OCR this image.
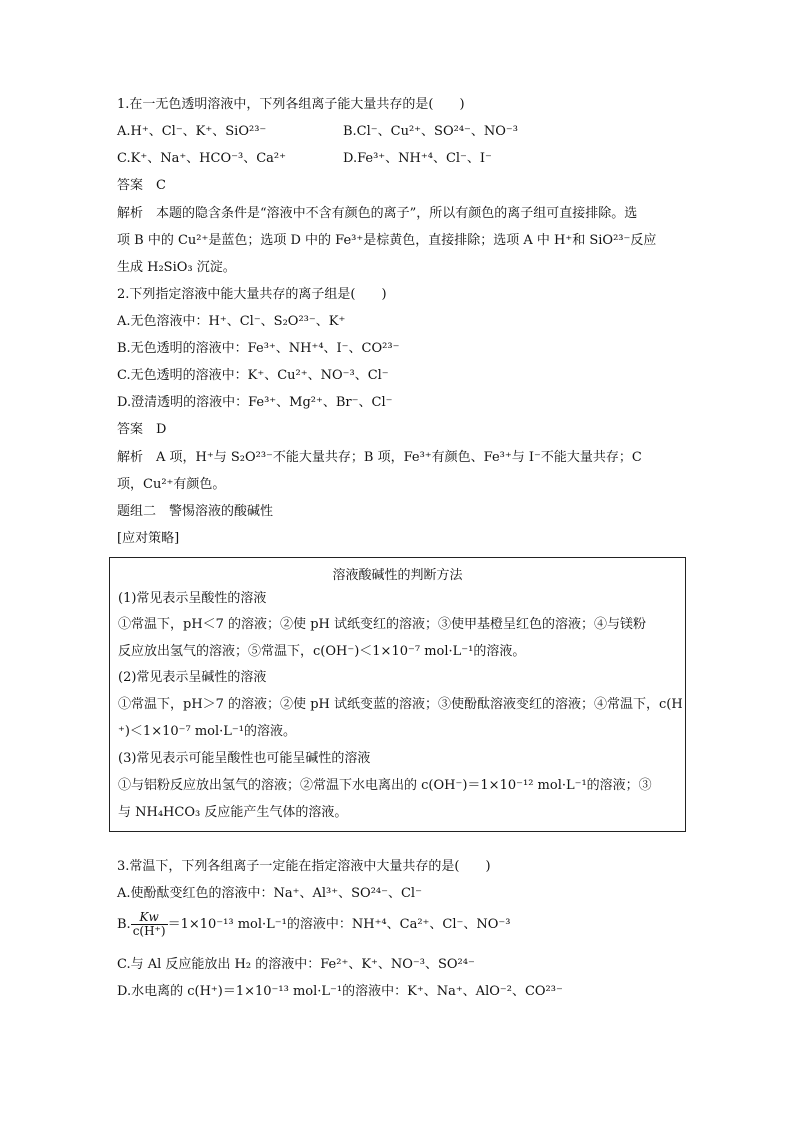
1.在一无色透明溶液中，下列各组离子能大量共存的是(　　)
A.H⁺、Cl⁻、K⁺、SiO²³⁻	B.Cl⁻、Cu²⁺、SO²⁴⁻、NO⁻³
C.K⁺、Na⁺、HCO⁻³、Ca²⁺	D.Fe³⁺、NH⁺⁴、Cl⁻、I⁻
答案　C
解析　本题的隐含条件是“溶液中不含有颜色的离子”，所以有颜色的离子组可直接排除。选
项 B 中的 Cu²⁺是蓝色；选项 D 中的 Fe³⁺是棕黄色，直接排除；选项 A 中 H⁺和 SiO²³⁻反应
生成 H₂SiO₃ 沉淀。
2.下列指定溶液中能大量共存的离子组是(　　)
A.无色溶液中：H⁺、Cl⁻、S₂O²³⁻、K⁺
B.无色透明的溶液中：Fe³⁺、NH⁺⁴、I⁻、CO²³⁻
C.无色透明的溶液中：K⁺、Cu²⁺、NO⁻³、Cl⁻
D.澄清透明的溶液中：Fe³⁺、Mg²⁺、Br⁻、Cl⁻
答案　D
解析　A 项，H⁺与 S₂O²³⁻不能大量共存；B 项，Fe³⁺有颜色、Fe³⁺与 I⁻不能大量共存；C
项，Cu²⁺有颜色。
题组二　警惕溶液的酸碱性
[应对策略]
溶液酸碱性的判断方法
(1)常见表示呈酸性的溶液
①常温下，pH＜7 的溶液；②使 pH 试纸变红的溶液；③使甲基橙呈红色的溶液；④与镁粉
反应放出氢气的溶液；⑤常温下，c(OH⁻)＜1×10⁻⁷ mol·L⁻¹的溶液。
(2)常见表示呈碱性的溶液
①常温下，pH＞7 的溶液；②使 pH 试纸变蓝的溶液；③使酚酞溶液变红的溶液；④常温下，c(H
⁺)＜1×10⁻⁷ mol·L⁻¹的溶液。
(3)常见表示可能呈酸性也可能呈碱性的溶液
①与铝粉反应放出氢气的溶液；②常温下水电离出的 c(OH⁻)＝1×10⁻¹² mol·L⁻¹的溶液；③
与 NH₄HCO₃ 反应能产生气体的溶液。
3.常温下，下列各组离子一定能在指定溶液中大量共存的是(　　)
A.使酚酞变红色的溶液中：Na⁺、Al³⁺、SO²⁴⁻、Cl⁻
B. $\frac{Kw}{c(H^+)} =1\times 10^{-13}$ mol·L⁻¹的溶液中：NH⁺⁴、Ca²⁺、Cl⁻、NO⁻³
C.与 Al 反应能放出 H₂ 的溶液中：Fe²⁺、K⁺、NO⁻³、SO²⁴⁻
D.水电离的 c(H⁺)＝1×10⁻¹³ mol·L⁻¹的溶液中：K⁺、Na⁺、AlO⁻²、CO²³⁻
